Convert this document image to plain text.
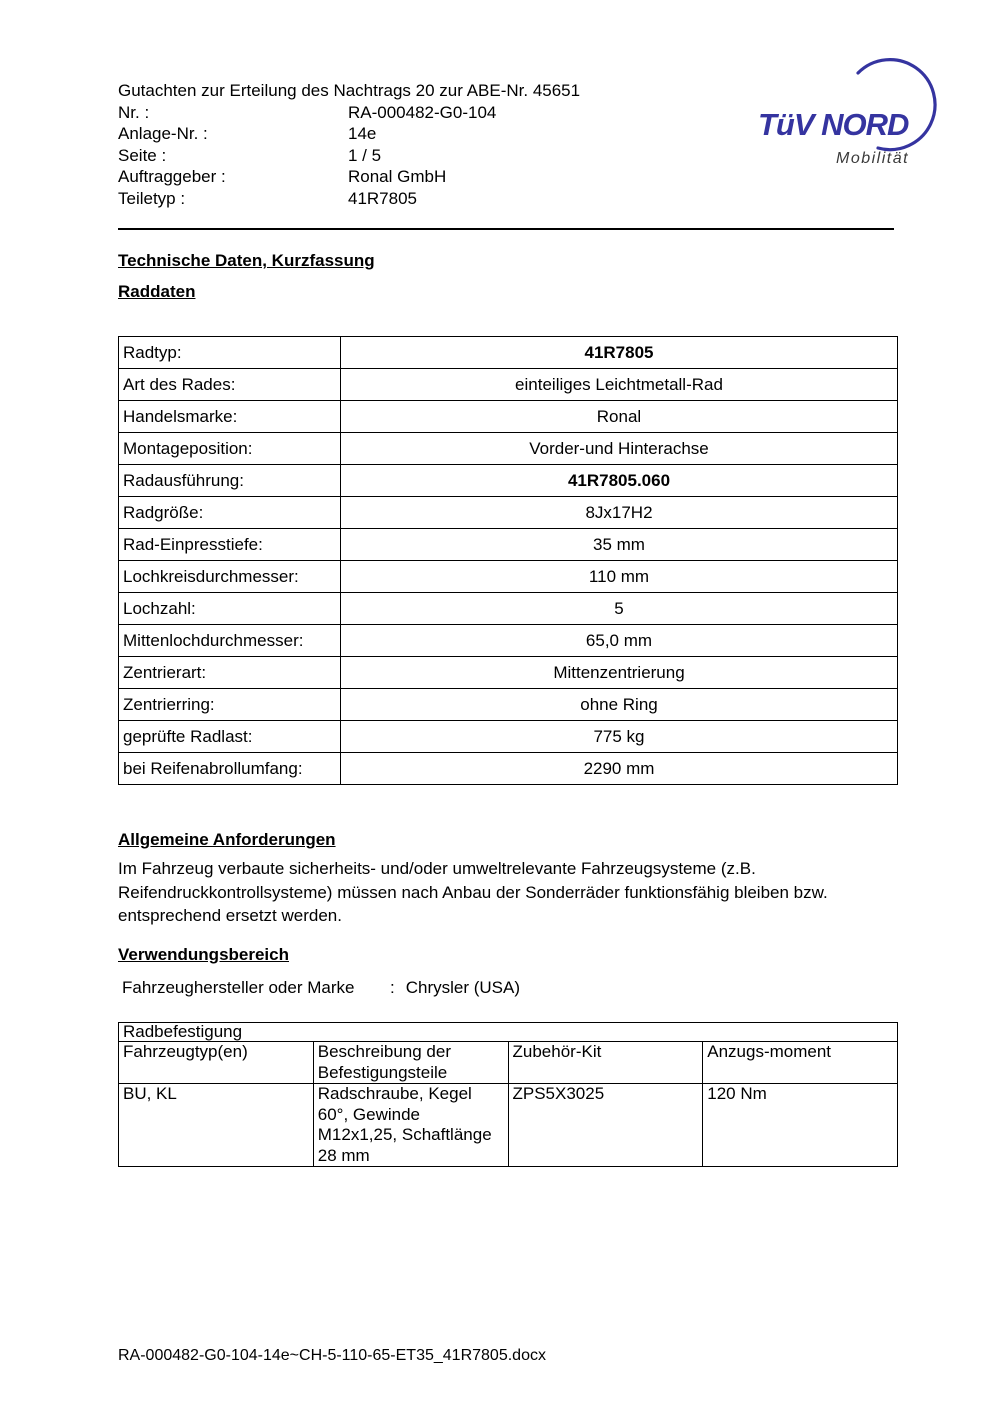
Gutachten zur Erteilung des Nachtrags 20 zur ABE-Nr. 45651
Nr. :	RA-000482-G0-104
Anlage-Nr. :	14e
Seite :	1 / 5
Auftraggeber :	Ronal GmbH
Teiletyp :	41R7805
TüV NORD
Mobilität
Technische Daten, Kurzfassung
Raddaten
Radtyp:	41R7805
Art des Rades:	einteiliges Leichtmetall-Rad
Handelsmarke:	Ronal
Montageposition:	Vorder-und Hinterachse
Radausführung:	41R7805.060
Radgröße:	8Jx17H2
Rad-Einpresstiefe:	35 mm
Lochkreisdurchmesser:	110 mm
Lochzahl:	5
Mittenlochdurchmesser:	65,0 mm
Zentrierart:	Mittenzentrierung
Zentrierring:	ohne Ring
geprüfte Radlast:	775 kg
bei Reifenabrollumfang:	2290 mm
Allgemeine Anforderungen

Im Fahrzeug verbaute sicherheits- und/oder umweltrelevante Fahrzeugsysteme (z.B. Reifendruckkontrollsysteme) müssen nach Anbau der Sonderräder funktionsfähig bleiben bzw. entsprechend ersetzt werden.

Verwendungsbereich
Fahrzeughersteller oder Marke	: Chrysler (USA)
Radbefestigung			
Fahrzeugtyp(en)	Beschreibung der Befestigungsteile	Zubehör-Kit	Anzugs-moment
BU, KL	Radschraube, Kegel 60°, Gewinde M12x1,25, Schaftlänge 28 mm	ZPS5X3025	120 Nm
RA-000482-G0-104-14e~CH-5-110-65-ET35_41R7805.docx
